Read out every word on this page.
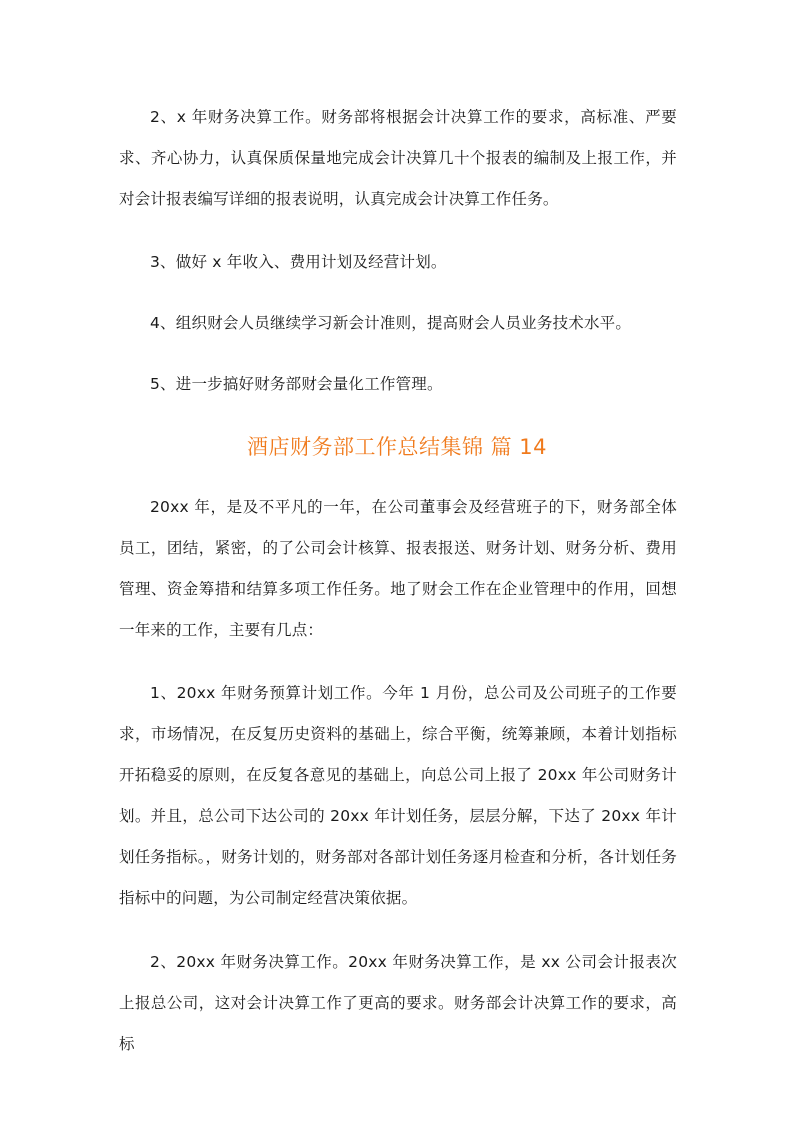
2、x 年财务决算工作。财务部将根据会计决算工作的要求，高标准、严要求、齐心协力，认真保质保量地完成会计决算几十个报表的编制及上报工作，并对会计报表编写详细的报表说明，认真完成会计决算工作任务。

3、做好 x 年收入、费用计划及经营计划。

4、组织财会人员继续学习新会计准则，提高财会人员业务技术水平。

5、进一步搞好财务部财会量化工作管理。

酒店财务部工作总结集锦 篇 14

20xx 年，是及不平凡的一年，在公司董事会及经营班子的下，财务部全体员工，团结，紧密，的了公司会计核算、报表报送、财务计划、财务分析、费用管理、资金筹措和结算多项工作任务。地了财会工作在企业管理中的作用，回想一年来的工作，主要有几点：

1、20xx 年财务预算计划工作。今年 1 月份，总公司及公司班子的工作要求，市场情况，在反复历史资料的基础上，综合平衡，统筹兼顾，本着计划指标开拓稳妥的原则，在反复各意见的基础上，向总公司上报了 20xx 年公司财务计划。并且，总公司下达公司的 20xx 年计划任务，层层分解，下达了 20xx 年计划任务指标。，财务计划的，财务部对各部计划任务逐月检查和分析，各计划任务指标中的问题，为公司制定经营决策依据。

2、20xx 年财务决算工作。20xx 年财务决算工作，是 xx 公司会计报表次上报总公司，这对会计决算工作了更高的要求。财务部会计决算工作的要求，高标
